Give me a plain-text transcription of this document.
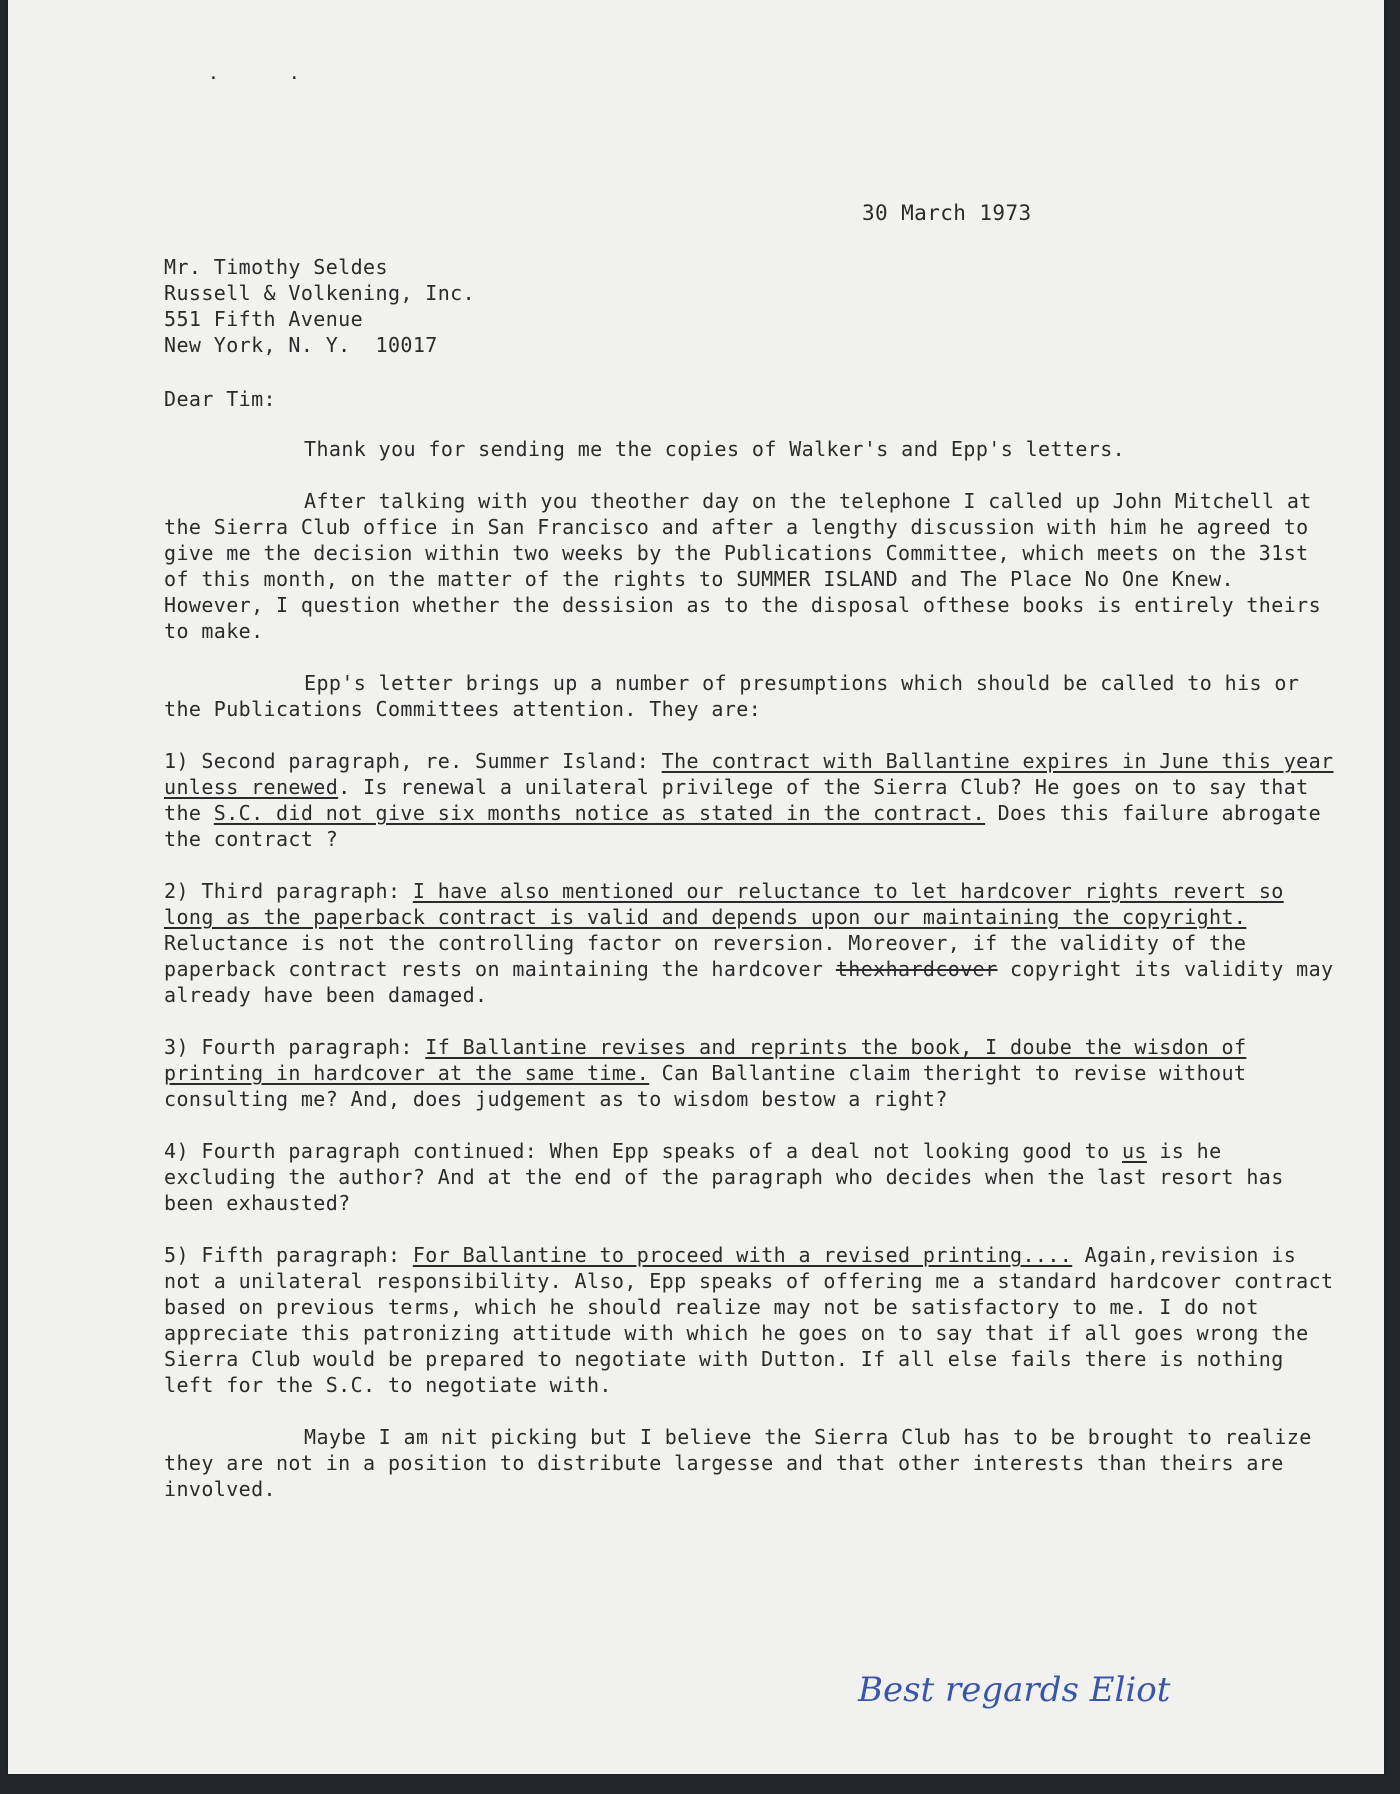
··
30 March 1973
Mr. Timothy Seldes
Russell & Volkening, Inc.
551 Fifth Avenue
New York, N. Y.  10017
Dear Tim:

Thank you for sending me the copies of Walker's and Epp's letters.

After talking with you theother day on the telephone I called up John Mitchell at the Sierra Club office in San Francisco and after a lengthy discussion with him he agreed to give me the decision within two weeks by the Publications Committee, which meets on the 31st of this month, on the matter of the rights to SUMMER ISLAND and The Place No One Knew. However, I question whether the dessision as to the disposal ofthese books is entirely theirs to make.

Epp's letter brings up a number of presumptions which should be called to his or the Publications Committees attention. They are:

1) Second paragraph, re. Summer Island: The contract with Ballantine expires in June this year unless renewed. Is renewal a unilateral privilege of the Sierra Club? He goes on to say that the S.C. did not give six months notice as stated in the contract. Does this failure abrogate the contract ?

2) Third paragraph: I have also mentioned our reluctance to let hardcover rights revert so long as the paperback contract is valid and depends upon our maintaining the copyright. Reluctance is not the controlling factor on reversion. Moreover, if the validity of the paperback contract rests on maintaining the hardcover thexhardcover copyright its validity may already have been damaged.

3) Fourth paragraph: If Ballantine revises and reprints the book, I doube the wisdon of printing in hardcover at the same time. Can Ballantine claim theright to revise without consulting me? And, does judgement as to wisdom bestow a right?

4) Fourth paragraph continued: When Epp speaks of a deal not looking good to us is he excluding the author? And at the end of the paragraph who decides when the last resort has been exhausted?

5) Fifth paragraph: For Ballantine to proceed with a revised printing.... Again,revision is not a unilateral responsibility. Also, Epp speaks of offering me a standard hardcover contract based on previous terms, which he should realize may not be satisfactory to me. I do not appreciate this patronizing attitude with which he goes on to say that if all goes wrong the Sierra Club would be prepared to negotiate with Dutton. If all else fails there is nothing left for the S.C. to negotiate with.

Maybe I am nit picking but I believe the Sierra Club has to be brought to realize they are not in a position to distribute largesse and that other interests than theirs are involved.

Best regards Eliot
